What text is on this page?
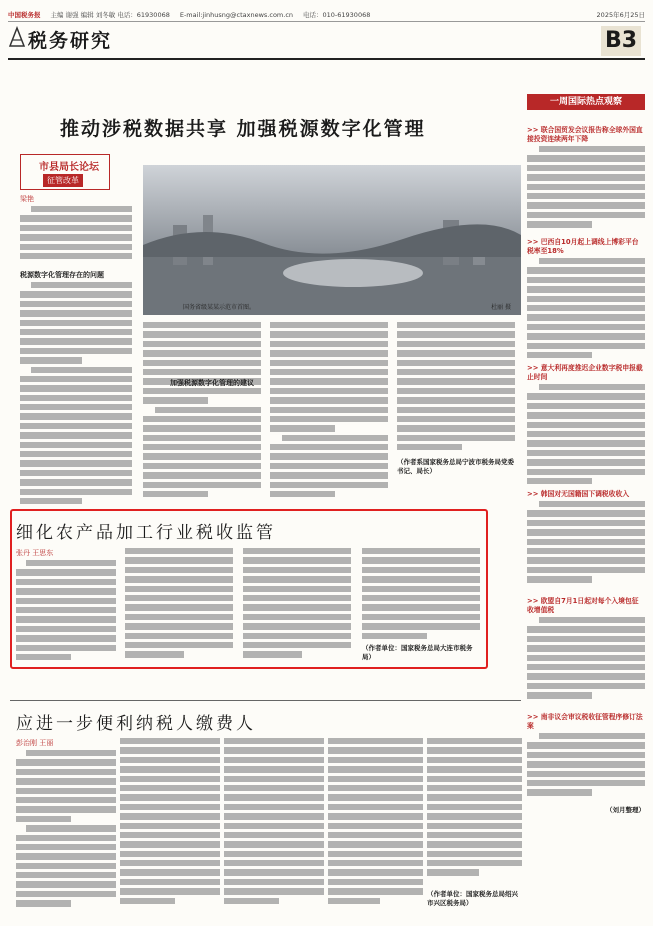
中国税务报 主编 谢强 编辑 刘冬敏 电话：61930068 E-mail:jinhusng@ctaxnews.com.cn 电话：010-61930068	2025年6月25日
税务研究	B3
推动涉税数据共享 加强税源数字化管理
市县局长论坛
征管改革
国务省级某某示范市首图。	杜丽 摄
梁艳
税源数字化管理存在的问题
加强税源数字化管理的建议
（作者系国家税务总局宁波市税务局党委书记、局长）
细化农产品加工行业税收监管
张丹 王思东
（作者单位：国家税务总局大连市税务局）
应进一步便利纳税人缴费人
彭治刚 王丽
（作者单位：国家税务总局绍兴市兴区税务局）
一周国际热点观察
>> 联合国贸发会议报告称全球外国直接投资连续两年下降
>> 巴西自10月起上调线上博彩平台税率至18%
>> 意大利再度推迟企业数字税申报截止时间
>> 韩国对无国籍国下调税收收入
>> 欧盟自7月1日起对每个入境包征收增值税
>> 南非议会审议税收征管程序修订法案
（刘月整理）
